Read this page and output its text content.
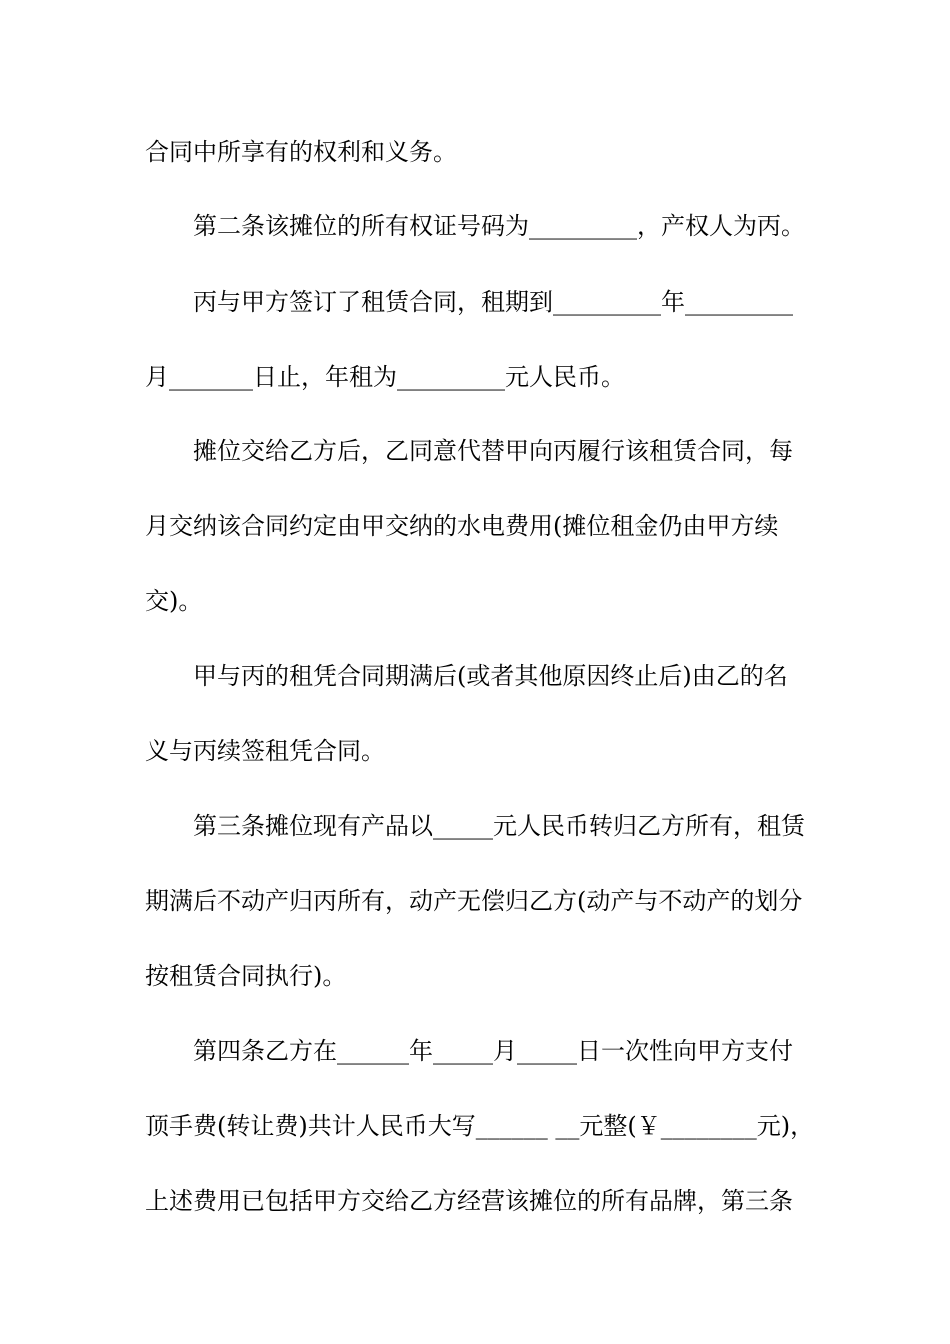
合同中所享有的权利和义务。
第二条该摊位的所有权证号码为_________，产权人为丙。
丙与甲方签订了租赁合同，租期到_________年_________
月_______日止，年租为_________元人民币。
摊位交给乙方后，乙同意代替甲向丙履行该租赁合同，每
月交纳该合同约定由甲交纳的水电费用(摊位租金仍由甲方续
交)。
甲与丙的租凭合同期满后(或者其他原因终止后)由乙的名
义与丙续签租凭合同。
第三条摊位现有产品以_____元人民币转归乙方所有，租赁
期满后不动产归丙所有，动产无偿归乙方(动产与不动产的划分
按租赁合同执行)。
第四条乙方在______年_____月_____日一次性向甲方支付
顶手费(转让费)共计人民币大写______ __元整(￥________元)，
上述费用已包括甲方交给乙方经营该摊位的所有品牌，第三条
